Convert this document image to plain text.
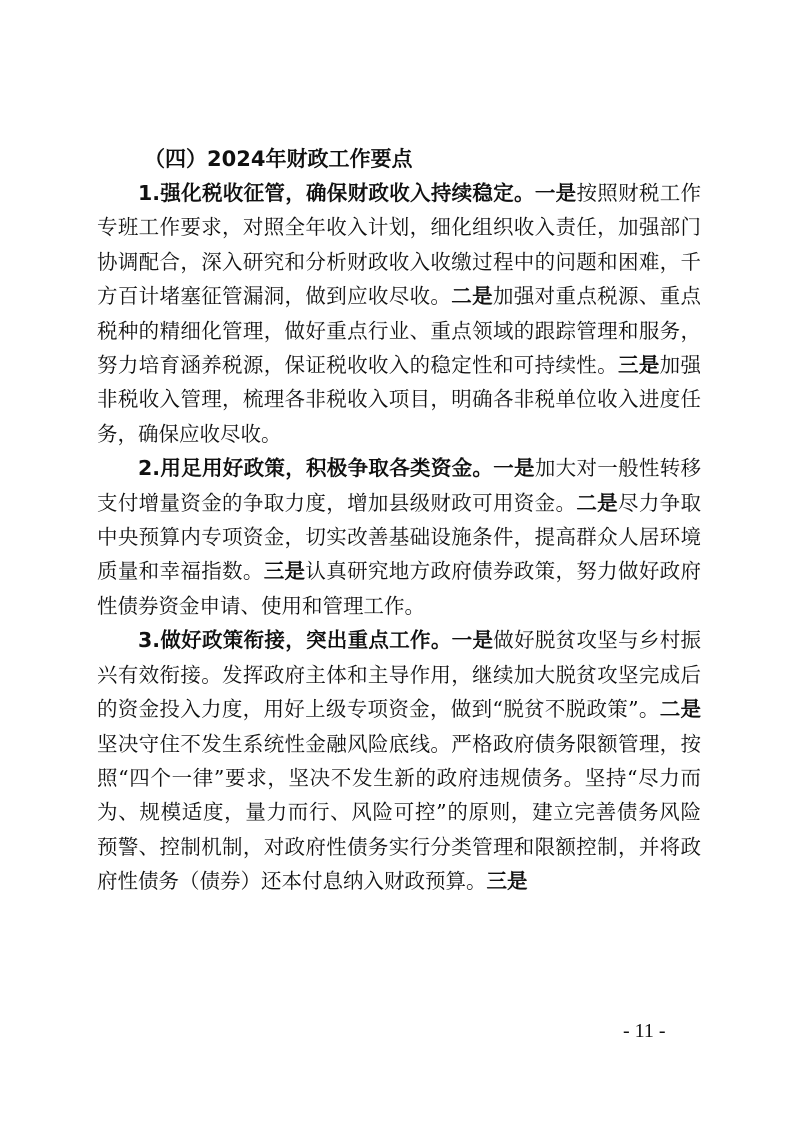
（四）2024年财政工作要点

1.强化税收征管，确保财政收入持续稳定。一是按照财税工作专班工作要求，对照全年收入计划，细化组织收入责任，加强部门协调配合，深入研究和分析财政收入收缴过程中的问题和困难，千方百计堵塞征管漏洞，做到应收尽收。二是加强对重点税源、重点税种的精细化管理，做好重点行业、重点领域的跟踪管理和服务，努力培育涵养税源，保证税收收入的稳定性和可持续性。三是加强非税收入管理，梳理各非税收入项目，明确各非税单位收入进度任务，确保应收尽收。

2.用足用好政策，积极争取各类资金。一是加大对一般性转移支付增量资金的争取力度，增加县级财政可用资金。二是尽力争取中央预算内专项资金，切实改善基础设施条件，提高群众人居环境质量和幸福指数。三是认真研究地方政府债券政策，努力做好政府性债券资金申请、使用和管理工作。

3.做好政策衔接，突出重点工作。一是做好脱贫攻坚与乡村振兴有效衔接。发挥政府主体和主导作用，继续加大脱贫攻坚完成后的资金投入力度，用好上级专项资金，做到“脱贫不脱政策”。二是坚决守住不发生系统性金融风险底线。严格政府债务限额管理，按照“四个一律”要求，坚决不发生新的政府违规债务。坚持“尽力而为、规模适度，量力而行、风险可控”的原则，建立完善债务风险预警、控制机制，对政府性债务实行分类管理和限额控制，并将政府性债务（债券）还本付息纳入财政预算。三是

- 11 -
